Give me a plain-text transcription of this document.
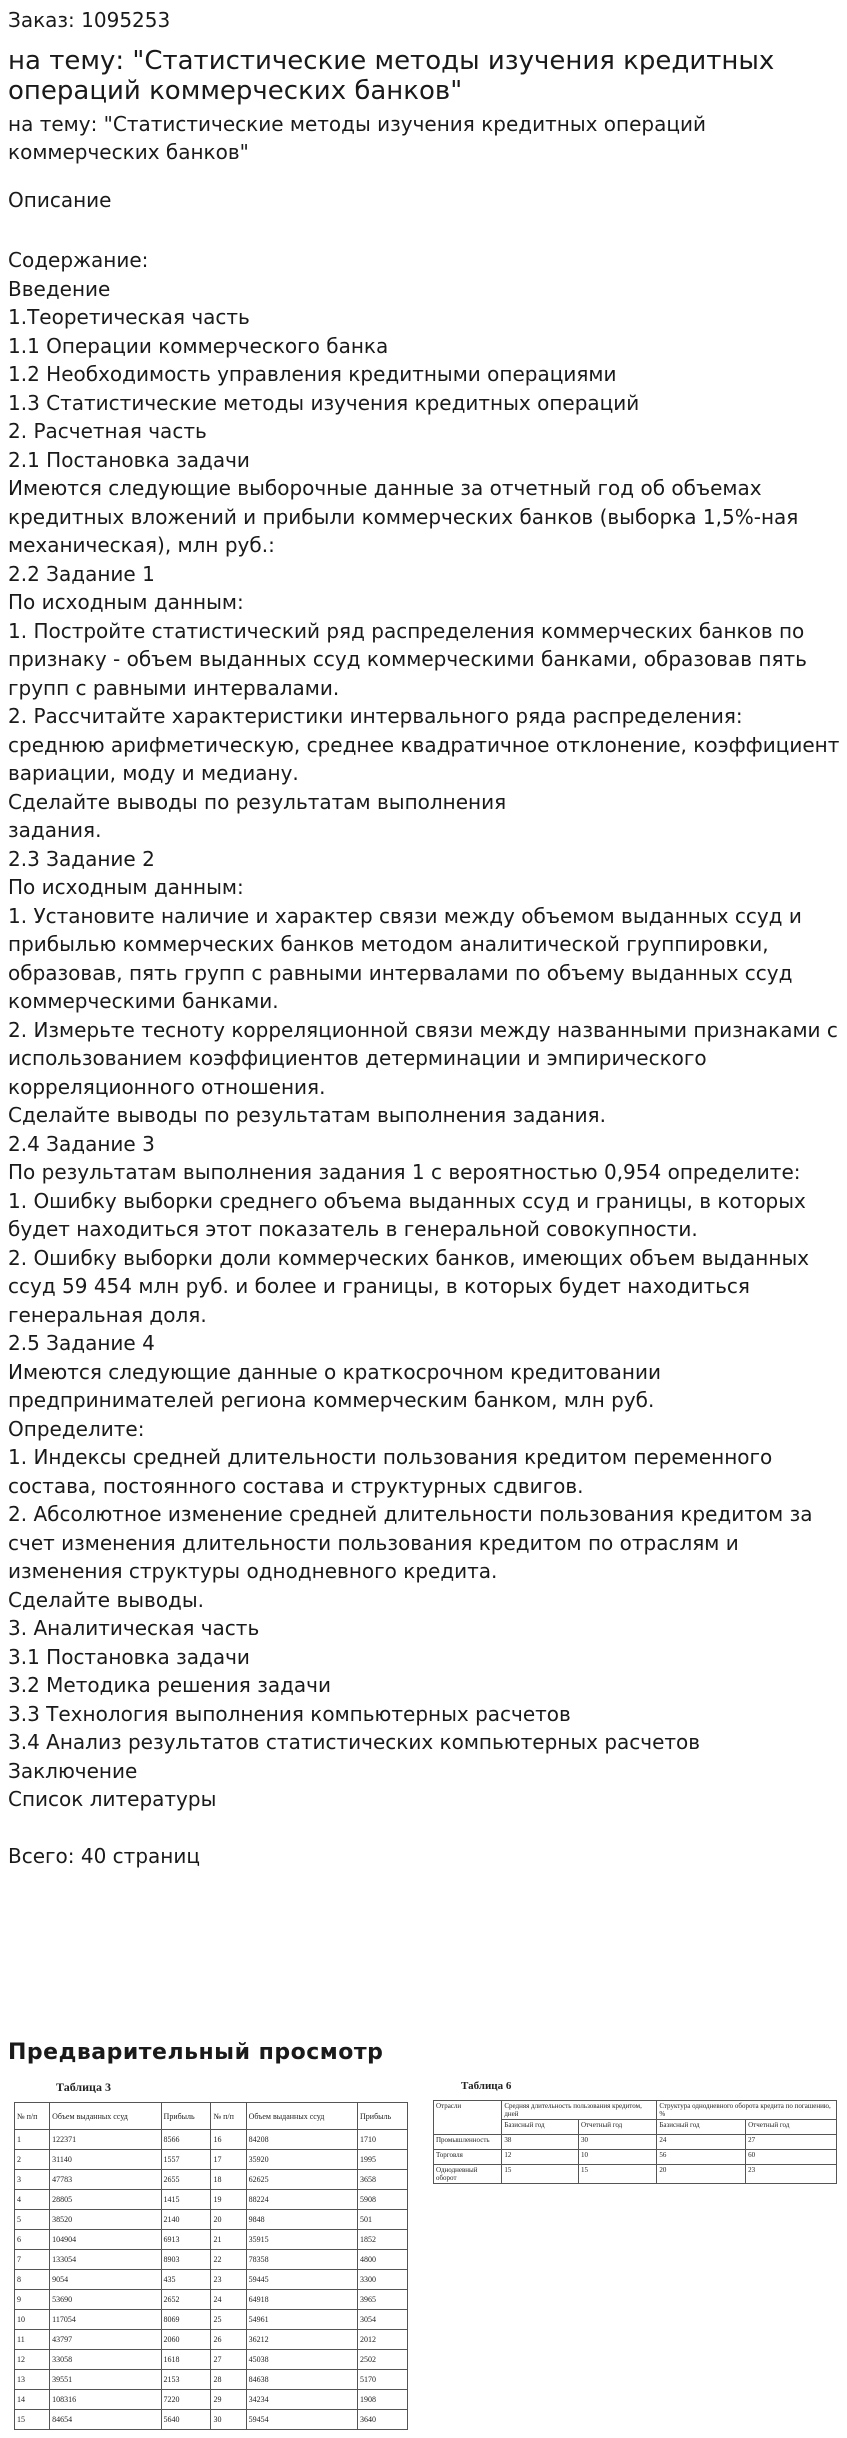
Заказ: 1095253
на тему: "Статистические методы изучения кредитных операций коммерческих банков"
на тему: "Статистические методы изучения кредитных операций коммерческих банков"
Описание
Содержание:
Введение
1.Теоретическая часть
1.1 Операции коммерческого банка
1.2 Необходимость управления кредитными операциями
1.3 Статистические методы изучения кредитных операций
2. Расчетная часть
2.1 Постановка задачи
Имеются следующие выборочные данные за отчетный год об объемах кредитных вложений и прибыли коммерческих банков (выборка 1,5%-ная механическая), млн руб.:
2.2 Задание 1
По исходным данным:
1. Постройте статистический ряд распределения коммерческих банков по признаку - объем выданных ссуд коммерческими банками, образовав пять групп с равными интервалами.
2. Рассчитайте характеристики интервального ряда распределения: среднюю арифметическую, среднее квадратичное отклонение, коэффициент вариации, моду и медиану.
Сделайте выводы по результатам выполнения
задания.
2.3 Задание 2
По исходным данным:
1. Установите наличие и характер связи между объемом выданных ссуд и прибылью коммерческих банков методом аналитической группировки, образовав, пять групп с равными интервалами по объему выданных ссуд коммерческими банками.
2. Измерьте тесноту корреляционной связи между названными признаками с использованием коэффициентов детерминации и эмпирического корреляционного отношения.
Сделайте выводы по результатам выполнения задания.
2.4 Задание 3
По результатам выполнения задания 1 с вероятностью 0,954 определите:
1. Ошибку выборки среднего объема выданных ссуд и границы, в которых будет находиться этот показатель в генеральной совокупности.
2. Ошибку выборки доли коммерческих банков, имеющих объем выданных ссуд 59 454 млн руб. и более и границы, в которых будет находиться генеральная доля.
2.5 Задание 4
Имеются следующие данные о краткосрочном кредитовании предпринимателей региона коммерческим банком, млн руб.
Определите:
1. Индексы средней длительности пользования кредитом переменного состава, постоянного состава и структурных сдвигов.
2. Абсолютное изменение средней длительности пользования кредитом за счет изменения длительности пользования кредитом по отраслям и изменения структуры однодневного кредита.
Сделайте выводы.
3. Аналитическая часть
3.1 Постановка задачи
3.2 Методика решения задачи
3.3 Технология выполнения компьютерных расчетов
3.4 Анализ результатов статистических компьютерных расчетов
Заключение
Список литературы

Всего: 40 страниц
Предварительный просмотр
Таблица 3
№ п/п	Объем выданных ссуд	Прибыль	№ п/п	Объем выданных ссуд	Прибыль
1	122371	8566	16	84208	1710
2	31140	1557	17	35920	1995
3	47783	2655	18	62625	3658
4	28805	1415	19	88224	5908
5	38520	2140	20	9848	501
6	104904	6913	21	35915	1852
7	133054	8903	22	78358	4800
8	9054	435	23	59445	3300
9	53690	2652	24	64918	3965
10	117054	8069	25	54961	3054
11	43797	2060	26	36212	2012
12	33058	1618	27	45038	2502
13	39551	2153	28	84638	5170
14	108316	7220	29	34234	1908
15	84654	5640	30	59454	3640
Таблица 6
Отрасли	Средняя длительность пользования кредитом, дней		Структура однодневного оборота кредита по погашению, %	
	Базисный год	Отчетный год	Базисный год	Отчетный год
Промышленность	38	30	24	27
Торговля	12	10	56	60
Однодневный оборот	15	15	20	23
